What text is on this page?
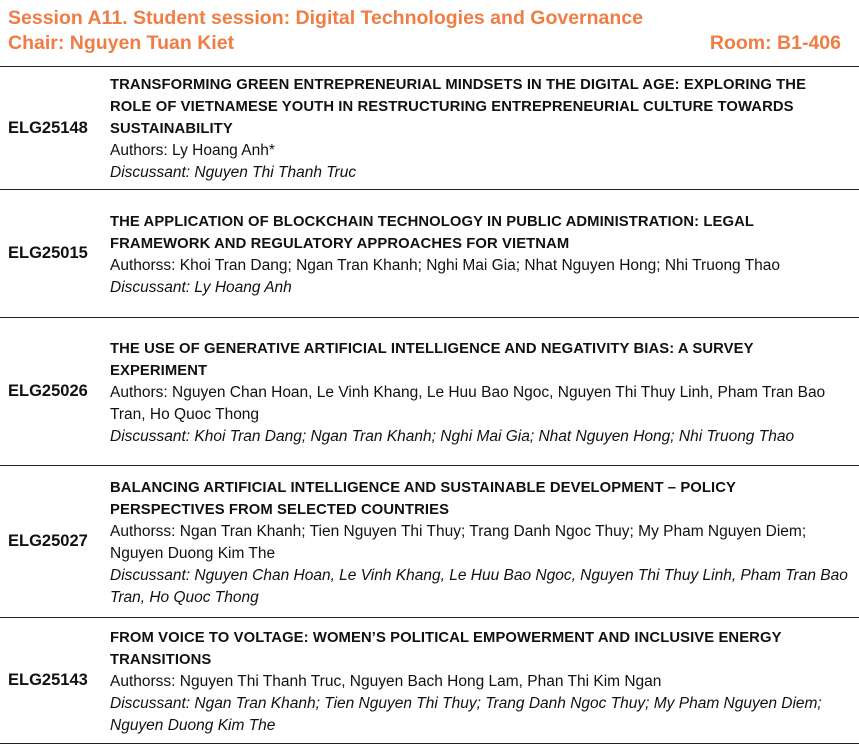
Session A11. Student session: Digital Technologies and Governance
Chair: Nguyen Tuan Kiet	Room: B1-406
ELG25148
TRANSFORMING GREEN ENTREPRENEURIAL MINDSETS IN THE DIGITAL AGE: EXPLORING THE ROLE OF VIETNAMESE YOUTH IN RESTRUCTURING ENTREPRENEURIAL CULTURE TOWARDS SUSTAINABILITY
Authors: Ly Hoang Anh*
Discussant: Nguyen Thi Thanh Truc
ELG25015
THE APPLICATION OF BLOCKCHAIN TECHNOLOGY IN PUBLIC ADMINISTRATION: LEGAL FRAMEWORK AND REGULATORY APPROACHES FOR VIETNAM
Authorss: Khoi Tran Dang; Ngan Tran Khanh; Nghi Mai Gia; Nhat Nguyen Hong; Nhi Truong Thao
Discussant: Ly Hoang Anh
ELG25026
THE USE OF GENERATIVE ARTIFICIAL INTELLIGENCE AND NEGATIVITY BIAS: A SURVEY EXPERIMENT
Authors: Nguyen Chan Hoan, Le Vinh Khang, Le Huu Bao Ngoc, Nguyen Thi Thuy Linh, Pham Tran Bao Tran, Ho Quoc Thong
Discussant: Khoi Tran Dang; Ngan Tran Khanh; Nghi Mai Gia; Nhat Nguyen Hong; Nhi Truong Thao
ELG25027
BALANCING ARTIFICIAL INTELLIGENCE AND SUSTAINABLE DEVELOPMENT – POLICY PERSPECTIVES FROM SELECTED COUNTRIES
Authorss: Ngan Tran Khanh; Tien Nguyen Thi Thuy; Trang Danh Ngoc Thuy; My Pham Nguyen Diem; Nguyen Duong Kim The
Discussant: Nguyen Chan Hoan, Le Vinh Khang, Le Huu Bao Ngoc, Nguyen Thi Thuy Linh, Pham Tran Bao Tran, Ho Quoc Thong
ELG25143
FROM VOICE TO VOLTAGE: WOMEN’S POLITICAL EMPOWERMENT AND INCLUSIVE ENERGY TRANSITIONS
Authorss: Nguyen Thi Thanh Truc, Nguyen Bach Hong Lam, Phan Thi Kim Ngan
Discussant: Ngan Tran Khanh; Tien Nguyen Thi Thuy; Trang Danh Ngoc Thuy; My Pham Nguyen Diem; Nguyen Duong Kim The
